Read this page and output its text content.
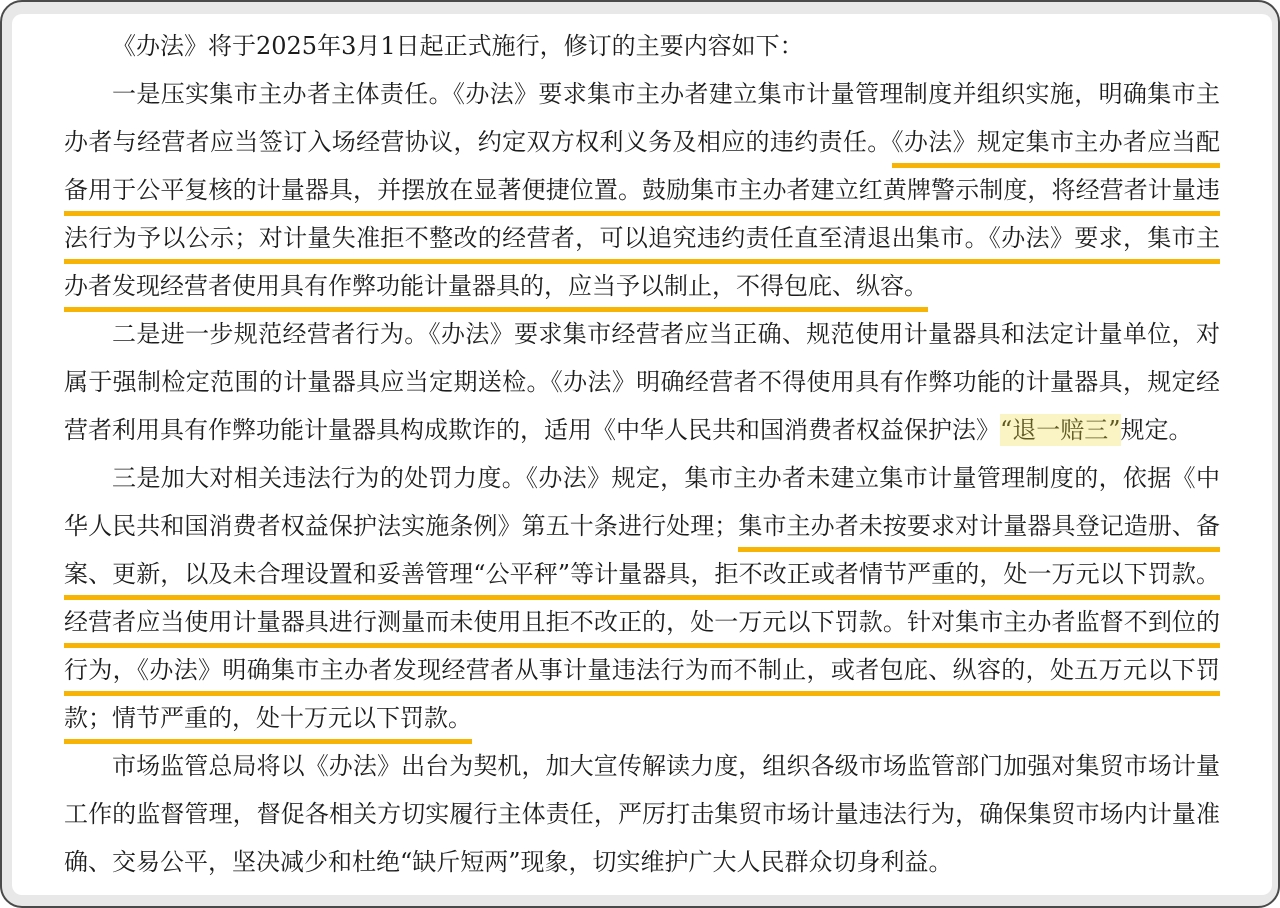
《办法》将于2025年3月1日起正式施行，修订的主要内容如下：

一是压实集市主办者主体责任。《办法》要求集市主办者建立集市计量管理制度并组织实施，明确集市主办者与经营者应当签订入场经营协议，约定双方权利义务及相应的违约责任。《办法》规定集市主办者应当配备用于公平复核的计量器具，并摆放在显著便捷位置。鼓励集市主办者建立红黄牌警示制度，将经营者计量违法行为予以公示；对计量失准拒不整改的经营者，可以追究违约责任直至清退出集市。《办法》要求，集市主办者发现经营者使用具有作弊功能计量器具的，应当予以制止，不得包庇、纵容。

二是进一步规范经营者行为。《办法》要求集市经营者应当正确、规范使用计量器具和法定计量单位，对属于强制检定范围的计量器具应当定期送检。《办法》明确经营者不得使用具有作弊功能的计量器具，规定经营者利用具有作弊功能计量器具构成欺诈的，适用《中华人民共和国消费者权益保护法》“退一赔三”规定。

三是加大对相关违法行为的处罚力度。《办法》规定，集市主办者未建立集市计量管理制度的，依据《中华人民共和国消费者权益保护法实施条例》第五十条进行处理；集市主办者未按要求对计量器具登记造册、备案、更新，以及未合理设置和妥善管理“公平秤”等计量器具，拒不改正或者情节严重的，处一万元以下罚款。经营者应当使用计量器具进行测量而未使用且拒不改正的，处一万元以下罚款。针对集市主办者监督不到位的行为，《办法》明确集市主办者发现经营者从事计量违法行为而不制止，或者包庇、纵容的，处五万元以下罚款；情节严重的，处十万元以下罚款。

市场监管总局将以《办法》出台为契机，加大宣传解读力度，组织各级市场监管部门加强对集贸市场计量工作的监督管理，督促各相关方切实履行主体责任，严厉打击集贸市场计量违法行为，确保集贸市场内计量准确、交易公平，坚决减少和杜绝“缺斤短两”现象，切实维护广大人民群众切身利益。
